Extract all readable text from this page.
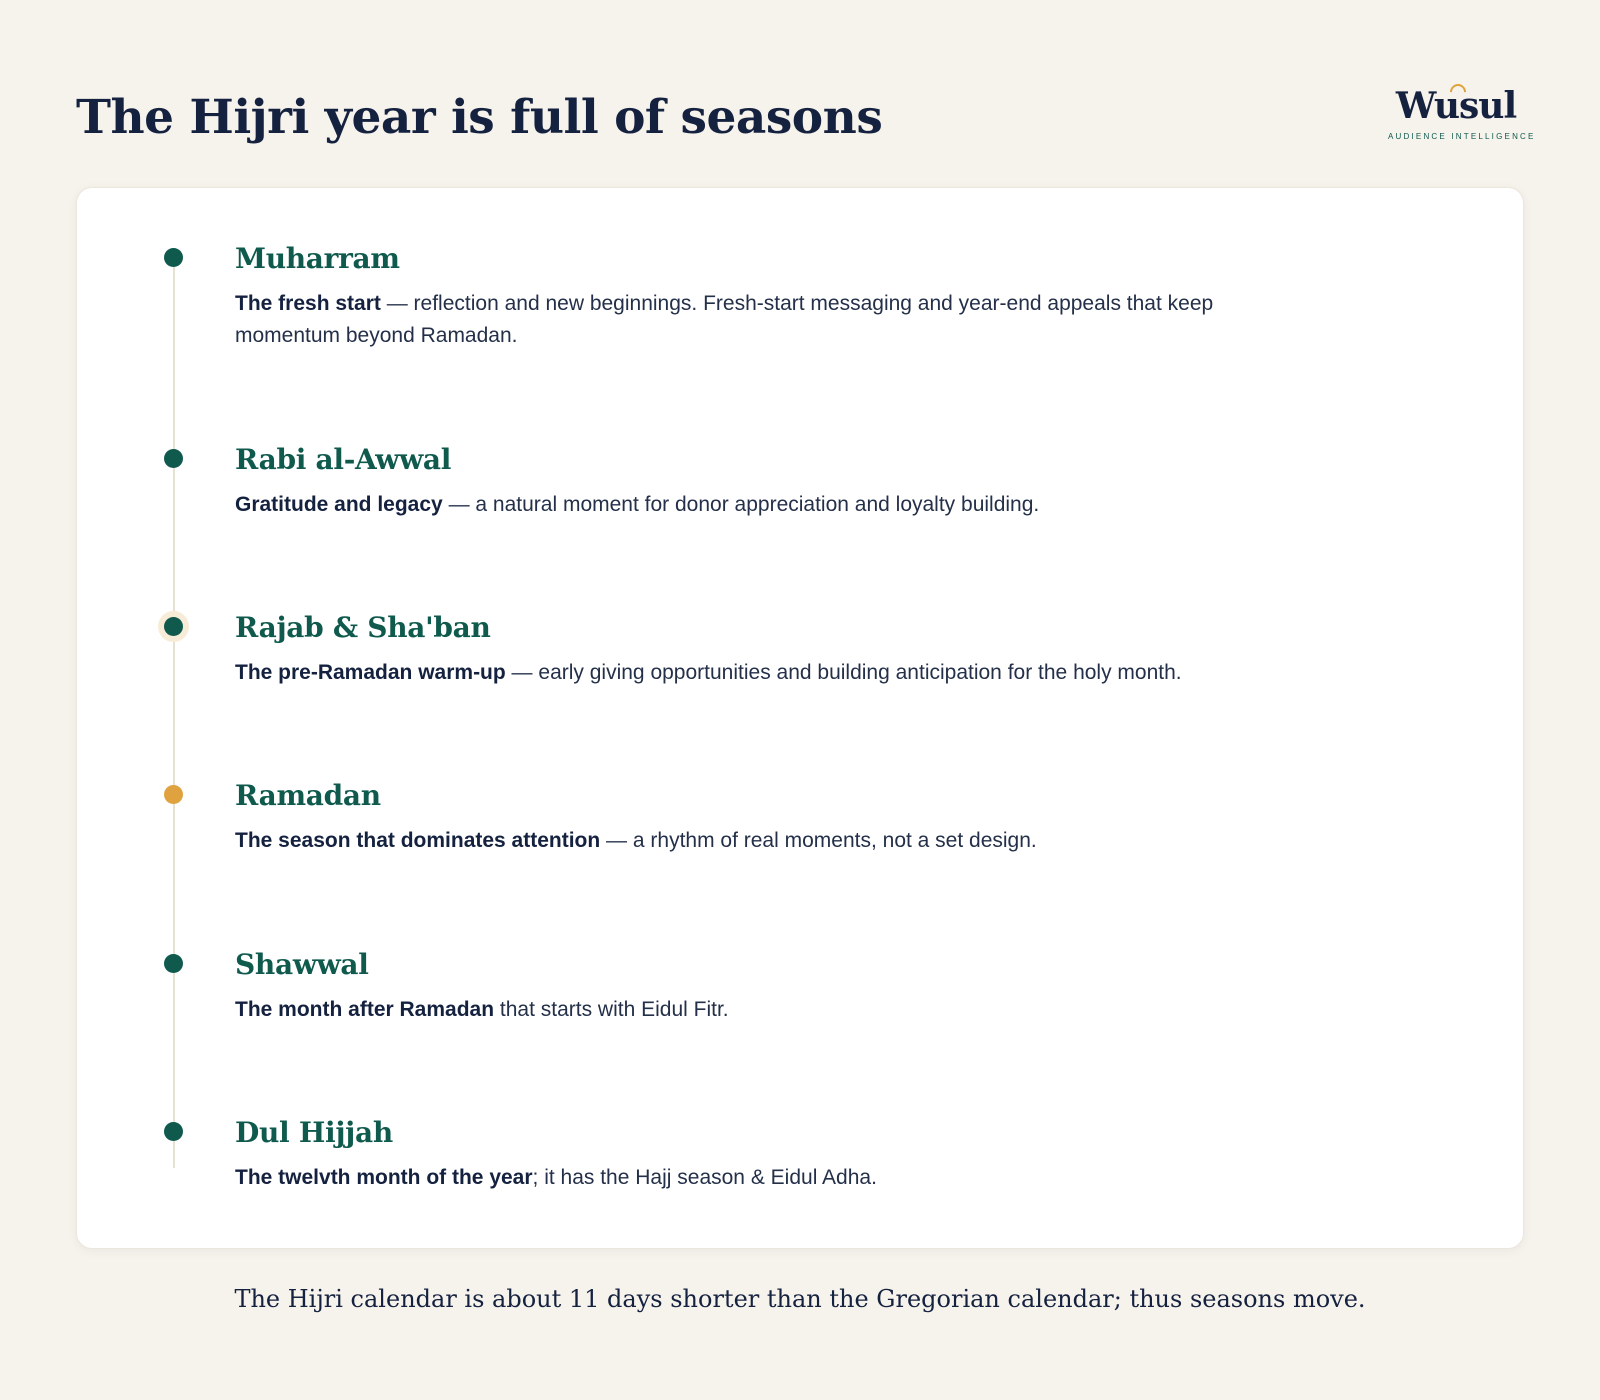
The Hijri year is full of seasons	Wusul
AUDIENCE INTELLIGENCE
Muharram

The fresh start — reflection and new beginnings. Fresh-start messaging and year-end appeals that keep momentum beyond Ramadan.

Rabi al-Awwal

Gratitude and legacy — a natural moment for donor appreciation and loyalty building.

Rajab & Sha'ban

The pre-Ramadan warm-up — early giving opportunities and building anticipation for the holy month.

Ramadan

The season that dominates attention — a rhythm of real moments, not a set design.

Shawwal

The month after Ramadan that starts with Eidul Fitr.

Dul Hijjah

The twelvth month of the year; it has the Hajj season & Eidul Adha.

The Hijri calendar is about 11 days shorter than the Gregorian calendar; thus seasons move.
